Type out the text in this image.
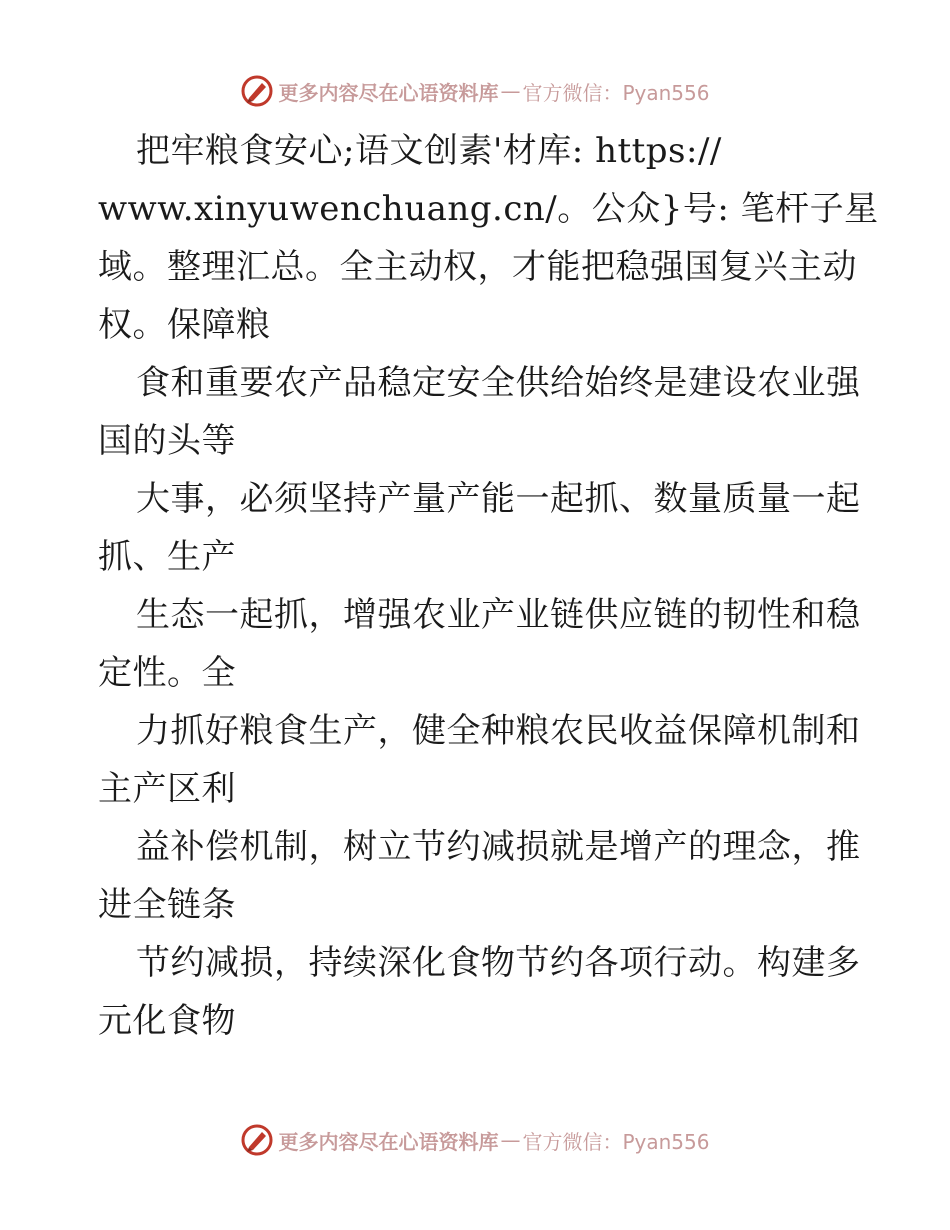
更多内容尽在心语资料库 — 官方微信：Pyan556
把牢粮食安心;语文创素'材库: https://
www.xinyuwenchuang.cn/。公众}号: 笔杆子星
域。整理汇总。全主动权，才能把稳强国复兴主动
权。保障粮
食和重要农产品稳定安全供给始终是建设农业强
国的头等
大事，必须坚持产量产能一起抓、数量质量一起
抓、生产
生态一起抓，增强农业产业链供应链的韧性和稳
定性。全
力抓好粮食生产，健全种粮农民收益保障机制和
主产区利
益补偿机制，树立节约减损就是增产的理念，推
进全链条
节约减损，持续深化食物节约各项行动。构建多
元化食物
更多内容尽在心语资料库 — 官方微信：Pyan556
